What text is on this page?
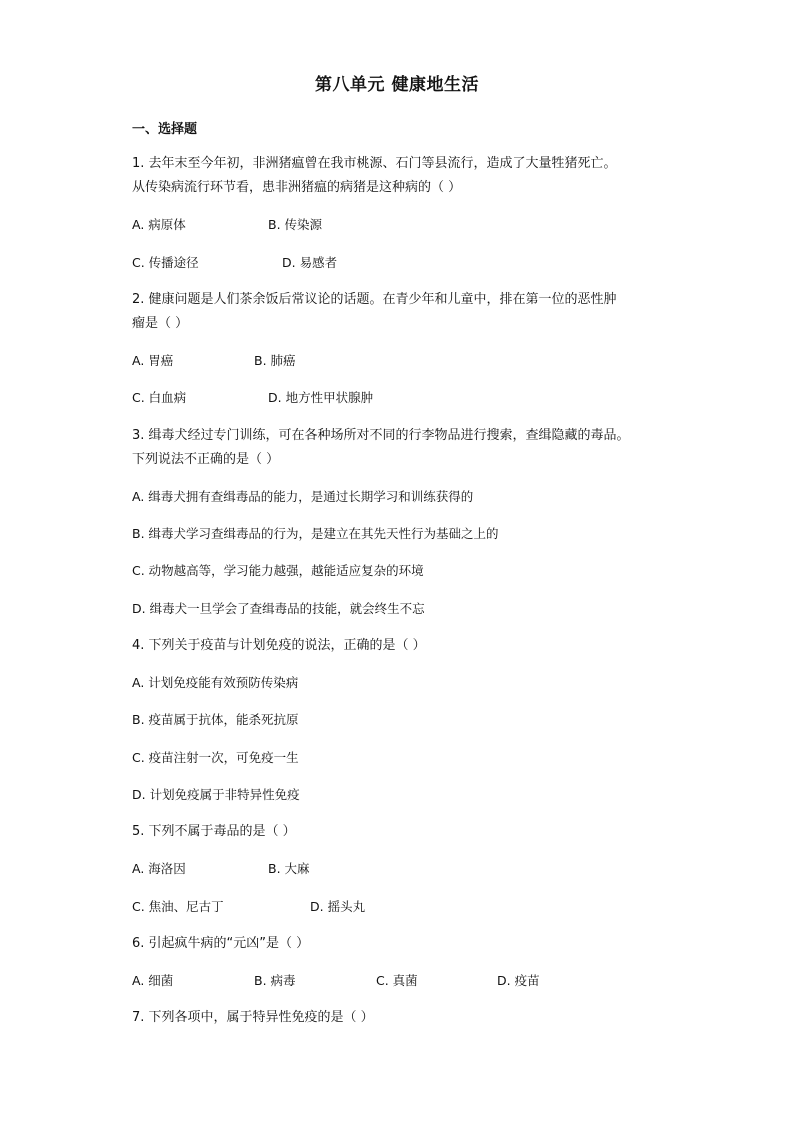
第八单元 健康地生活
一、选择题
1. 去年末至今年初，非洲猪瘟曾在我市桃源、石门等县流行，造成了大量牲猪死亡。
从传染病流行环节看，患非洲猪瘟的病猪是这种病的（ ）
A. 病原体	B. 传染源
C. 传播途径	D. 易感者
2. 健康问题是人们茶余饭后常议论的话题。在青少年和儿童中，排在第一位的恶性肿
瘤是（ ）
A. 胃癌	B. 肺癌
C. 白血病	D. 地方性甲状腺肿
3. 缉毒犬经过专门训练，可在各种场所对不同的行李物品进行搜索，查缉隐藏的毒品。
下列说法不正确的是（ ）
A. 缉毒犬拥有查缉毒品的能力，是通过长期学习和训练获得的
B. 缉毒犬学习查缉毒品的行为，是建立在其先天性行为基础之上的
C. 动物越高等，学习能力越强，越能适应复杂的环境
D. 缉毒犬一旦学会了查缉毒品的技能，就会终生不忘
4. 下列关于疫苗与计划免疫的说法，正确的是（ ）
A. 计划免疫能有效预防传染病
B. 疫苗属于抗体，能杀死抗原
C. 疫苗注射一次，可免疫一生
D. 计划免疫属于非特异性免疫
5. 下列不属于毒品的是（ ）
A. 海洛因	B. 大麻
C. 焦油、尼古丁	D. 摇头丸
6. 引起疯牛病的“元凶”是（ ）
A. 细菌	B. 病毒	C. 真菌	D. 疫苗
7. 下列各项中，属于特异性免疫的是（ ）
